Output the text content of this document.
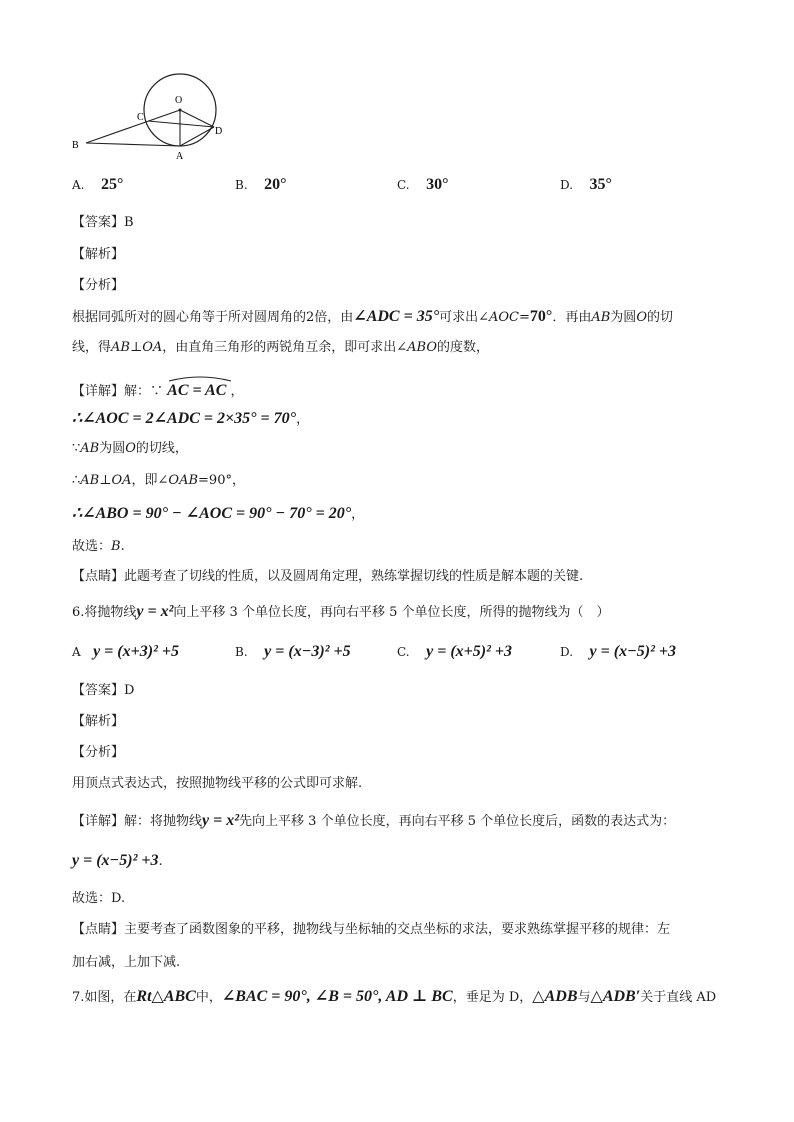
O
C
D
B
A
A. 25°	B. 20°	C. 30°	D. 35°
【答案】B
【解析】
【分析】
根据同弧所对的圆心角等于所对圆周角的2倍，由∠ADC = 35°可求出∠AOC=70°．再由AB为圆O的切
线，得AB⊥OA，由直角三角形的两锐角互余，即可求出∠ABO的度数，
【详解】解：∵ AC = AC ，
∴∠AOC = 2∠ADC = 2×35° = 70°，
∵AB为圆O的切线，
∴AB⊥OA，即∠OAB=90°，
∴∠ABO = 90° − ∠AOC = 90° − 70° = 20°，
故选：B.
【点睛】此题考查了切线的性质，以及圆周角定理，熟练掌握切线的性质是解本题的关键.
6.将抛物线y = x²向上平移 3 个单位长度，再向右平移 5 个单位长度，所得的抛物线为（　）
A y = (x+3)² +5	B. y = (x−3)² +5	C. y = (x+5)² +3	D. y = (x−5)² +3
【答案】D
【解析】
【分析】
用顶点式表达式，按照抛物线平移的公式即可求解.
【详解】解：将抛物线y = x²先向上平移 3 个单位长度，再向右平移 5 个单位长度后，函数的表达式为：
y = (x−5)² +3.
故选：D.
【点睛】主要考查了函数图象的平移，抛物线与坐标轴的交点坐标的求法，要求熟练掌握平移的规律：左
加右减，上加下减.
7.如图，在Rt△ABC中，∠BAC = 90°, ∠B = 50°, AD ⊥ BC，垂足为 D，△ADB与△ADB′关于直线 AD
